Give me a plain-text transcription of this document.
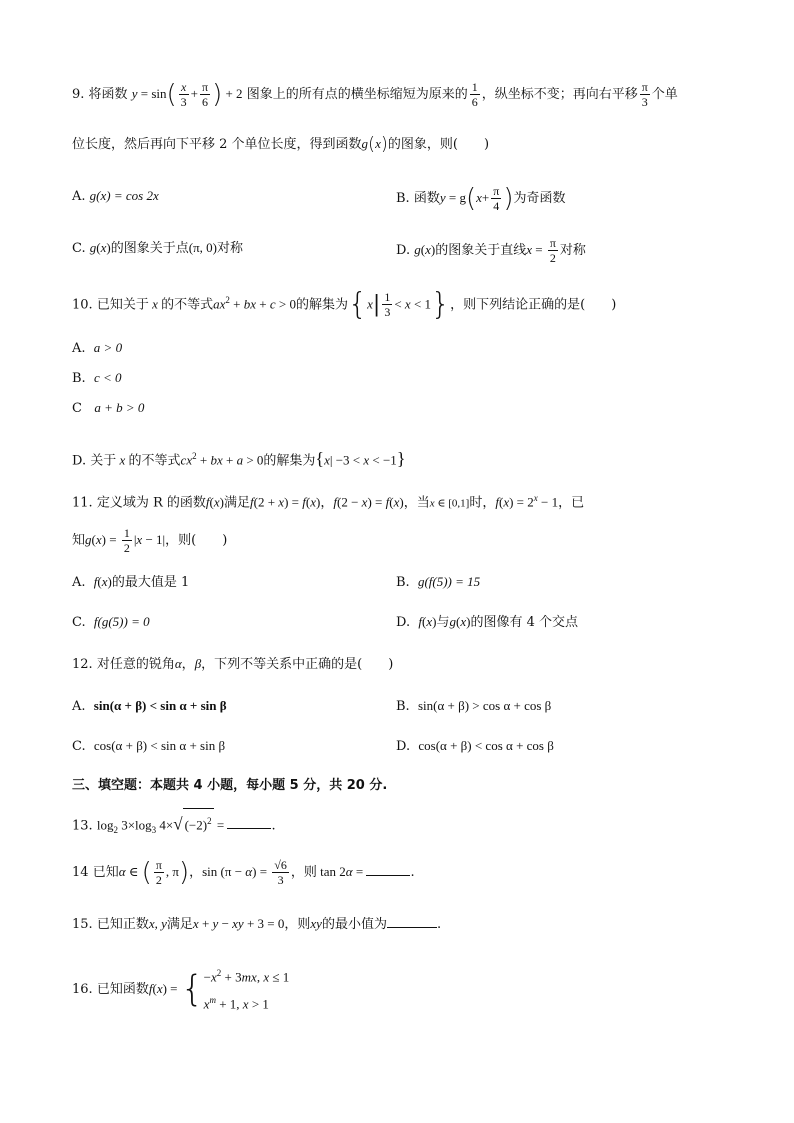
9. 将函数 $y = \sin( \frac{x}{3} + \frac{\pi}{6}$ ) + 2 图象上的所有点的横坐标缩短为原来的 $\frac{1}{6}$ ，纵坐标不变；再向右平移 $\frac{\pi}{3}$ 个单
位长度，然后再向下平移 2 个单位长度，得到函数g(x)的图象，则(　　)
A. g(x) = cos 2x	B. 函数$y = g(x+ \frac{\pi}{4}$ )为奇函数
C. g(x)的图象关于点(π, 0)对称	D. g(x)的图象关于直线$x = \frac{\pi}{2}$ 对称
10. 已知关于 x 的不等式$ax^2$ + bx + c > 0的解集为$\{x| \frac{1}{3} < x < 1\}$，则下列结论正确的是(　　)
A. a > 0
B. c < 0
C a + b > 0
D. 关于 x 的不等式$cx^2$ + bx + a > 0的解集为{x| −3 < x < −1}
11. 定义域为 R 的函数f(x)满足f(2 + x) = f(x)，f(2 − x) = f(x)，当x ∈ [0,1]时，$f(x) = 2^x - 1$，已
知$g(x) = \frac{1}{2} |x - 1|$，则(　　)
A. f(x)的最大值是 1	B. g(f(5)) = 15
C. f(g(5)) = 0	D. f(x)与g(x)的图像有 4 个交点
12. 对任意的锐角α，β，下列不等关系中正确的是(　　)
A. sin(α + β) < sin α + sin β	B. sin(α + β) > cos α + cos β
C. cos(α + β) < sin α + sin β	D. cos(α + β) < cos α + cos β
三、填空题：本题共 4 小题，每小题 5 分，共 20 分.
13. $\log_2 3\times\log_3$ 4×√ $(-2)^2$ =	.
14 已知α ∈ ( $\frac{\pi}{2}$ , π)，$\sin (\pi - \alpha) = \frac{√6}{3}$ ，则 tan 2α =	.
15. 已知正数x, y满足x + y − xy + 3 = 0，则xy的最小值为	.
16. 已知函数f(x) = { $-x^2 + 3mx$, x ≤ 1
$x^m + 1$, x > 1
